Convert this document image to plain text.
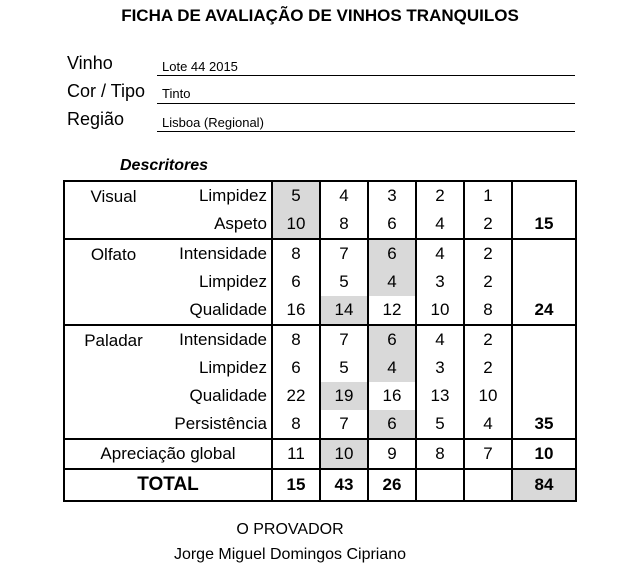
FICHA DE AVALIAÇÃO DE VINHOS TRANQUILOS
Vinho	Lote 44 2015
Cor / Tipo Tinto
Região	Lisboa (Regional)
Descritores
Visual	Limpidez	5	4	3	2	1	
	Aspeto	10	8	6	4	2	15
Olfato	Intensidade	8	7	6	4	2	
	Limpidez	6	5	4	3	2	
	Qualidade	16	14	12	10	8	24
Paladar	Intensidade	8	7	6	4	2	
	Limpidez	6	5	4	3	2	
	Qualidade	22	19	16	13	10	
	Persistência	8	7	6	5	4	35
Apreciação global		11	10	9	8	7	10
TOTAL		15	43	26			84
O PROVADOR
Jorge Miguel Domingos Cipriano
